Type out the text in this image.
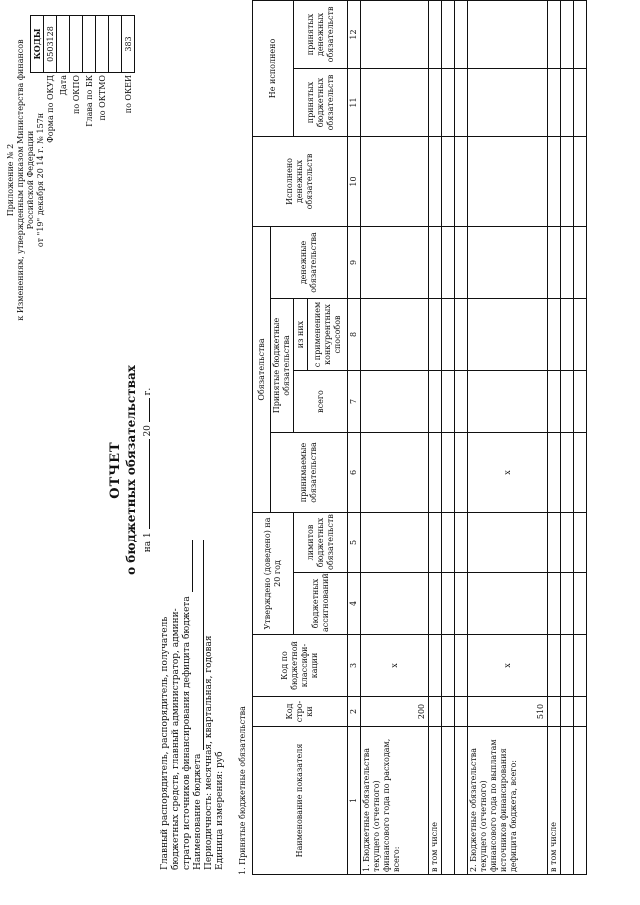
Приложение № 2 к Изменениям, утвержденным приказом Министерства финансов Российской Федерации от "19" декабря 20 14 г. № 157н
ОТЧЕТ о бюджетных обязательствах на 1  20  г.
	КОДЫ
Форма по ОКУД	0503128
Дата	
по ОКПО	
Глава по БК	
по ОКТМО	

по ОКЕИ	383
Главный распорядитель, распорядитель, получатель бюджетных средств, главный администратор, админи- стратор источников финансирования дефицита бюджета Наименование бюджета Периодичность: месячная, квартальная, годовая Единица измерения: руб 1. Принятые бюджетные обязательства	Наименование показателя	Код стро-ки	Код по бюджетной классифи-кации	Утверждено (доведено) на 20 год		Обязательства				Исполнено денежных обязательств	Не исполнено	
					принимаемые обязательства	Принятые бюджетные обязательства		денежные обязательства			
			бюджетных ассигнований	лимитов бюджетных обязательств		всего	из них			принятых бюджетных обязательств	принятых денежных обязательств
							с применением конкурентных способов				
1	2	3	4	5	6	7	8	9	10	11	12
1. Бюджетные обязательства текущего (отчетного) финансового года по расходам, всего:	200	x									
в том числе											

2. Бюджетные обязательства текущего (отчетного) финансового года по выплатам источников финансирования дефицита бюджета, всего:	510	x			x						
в том числе											
